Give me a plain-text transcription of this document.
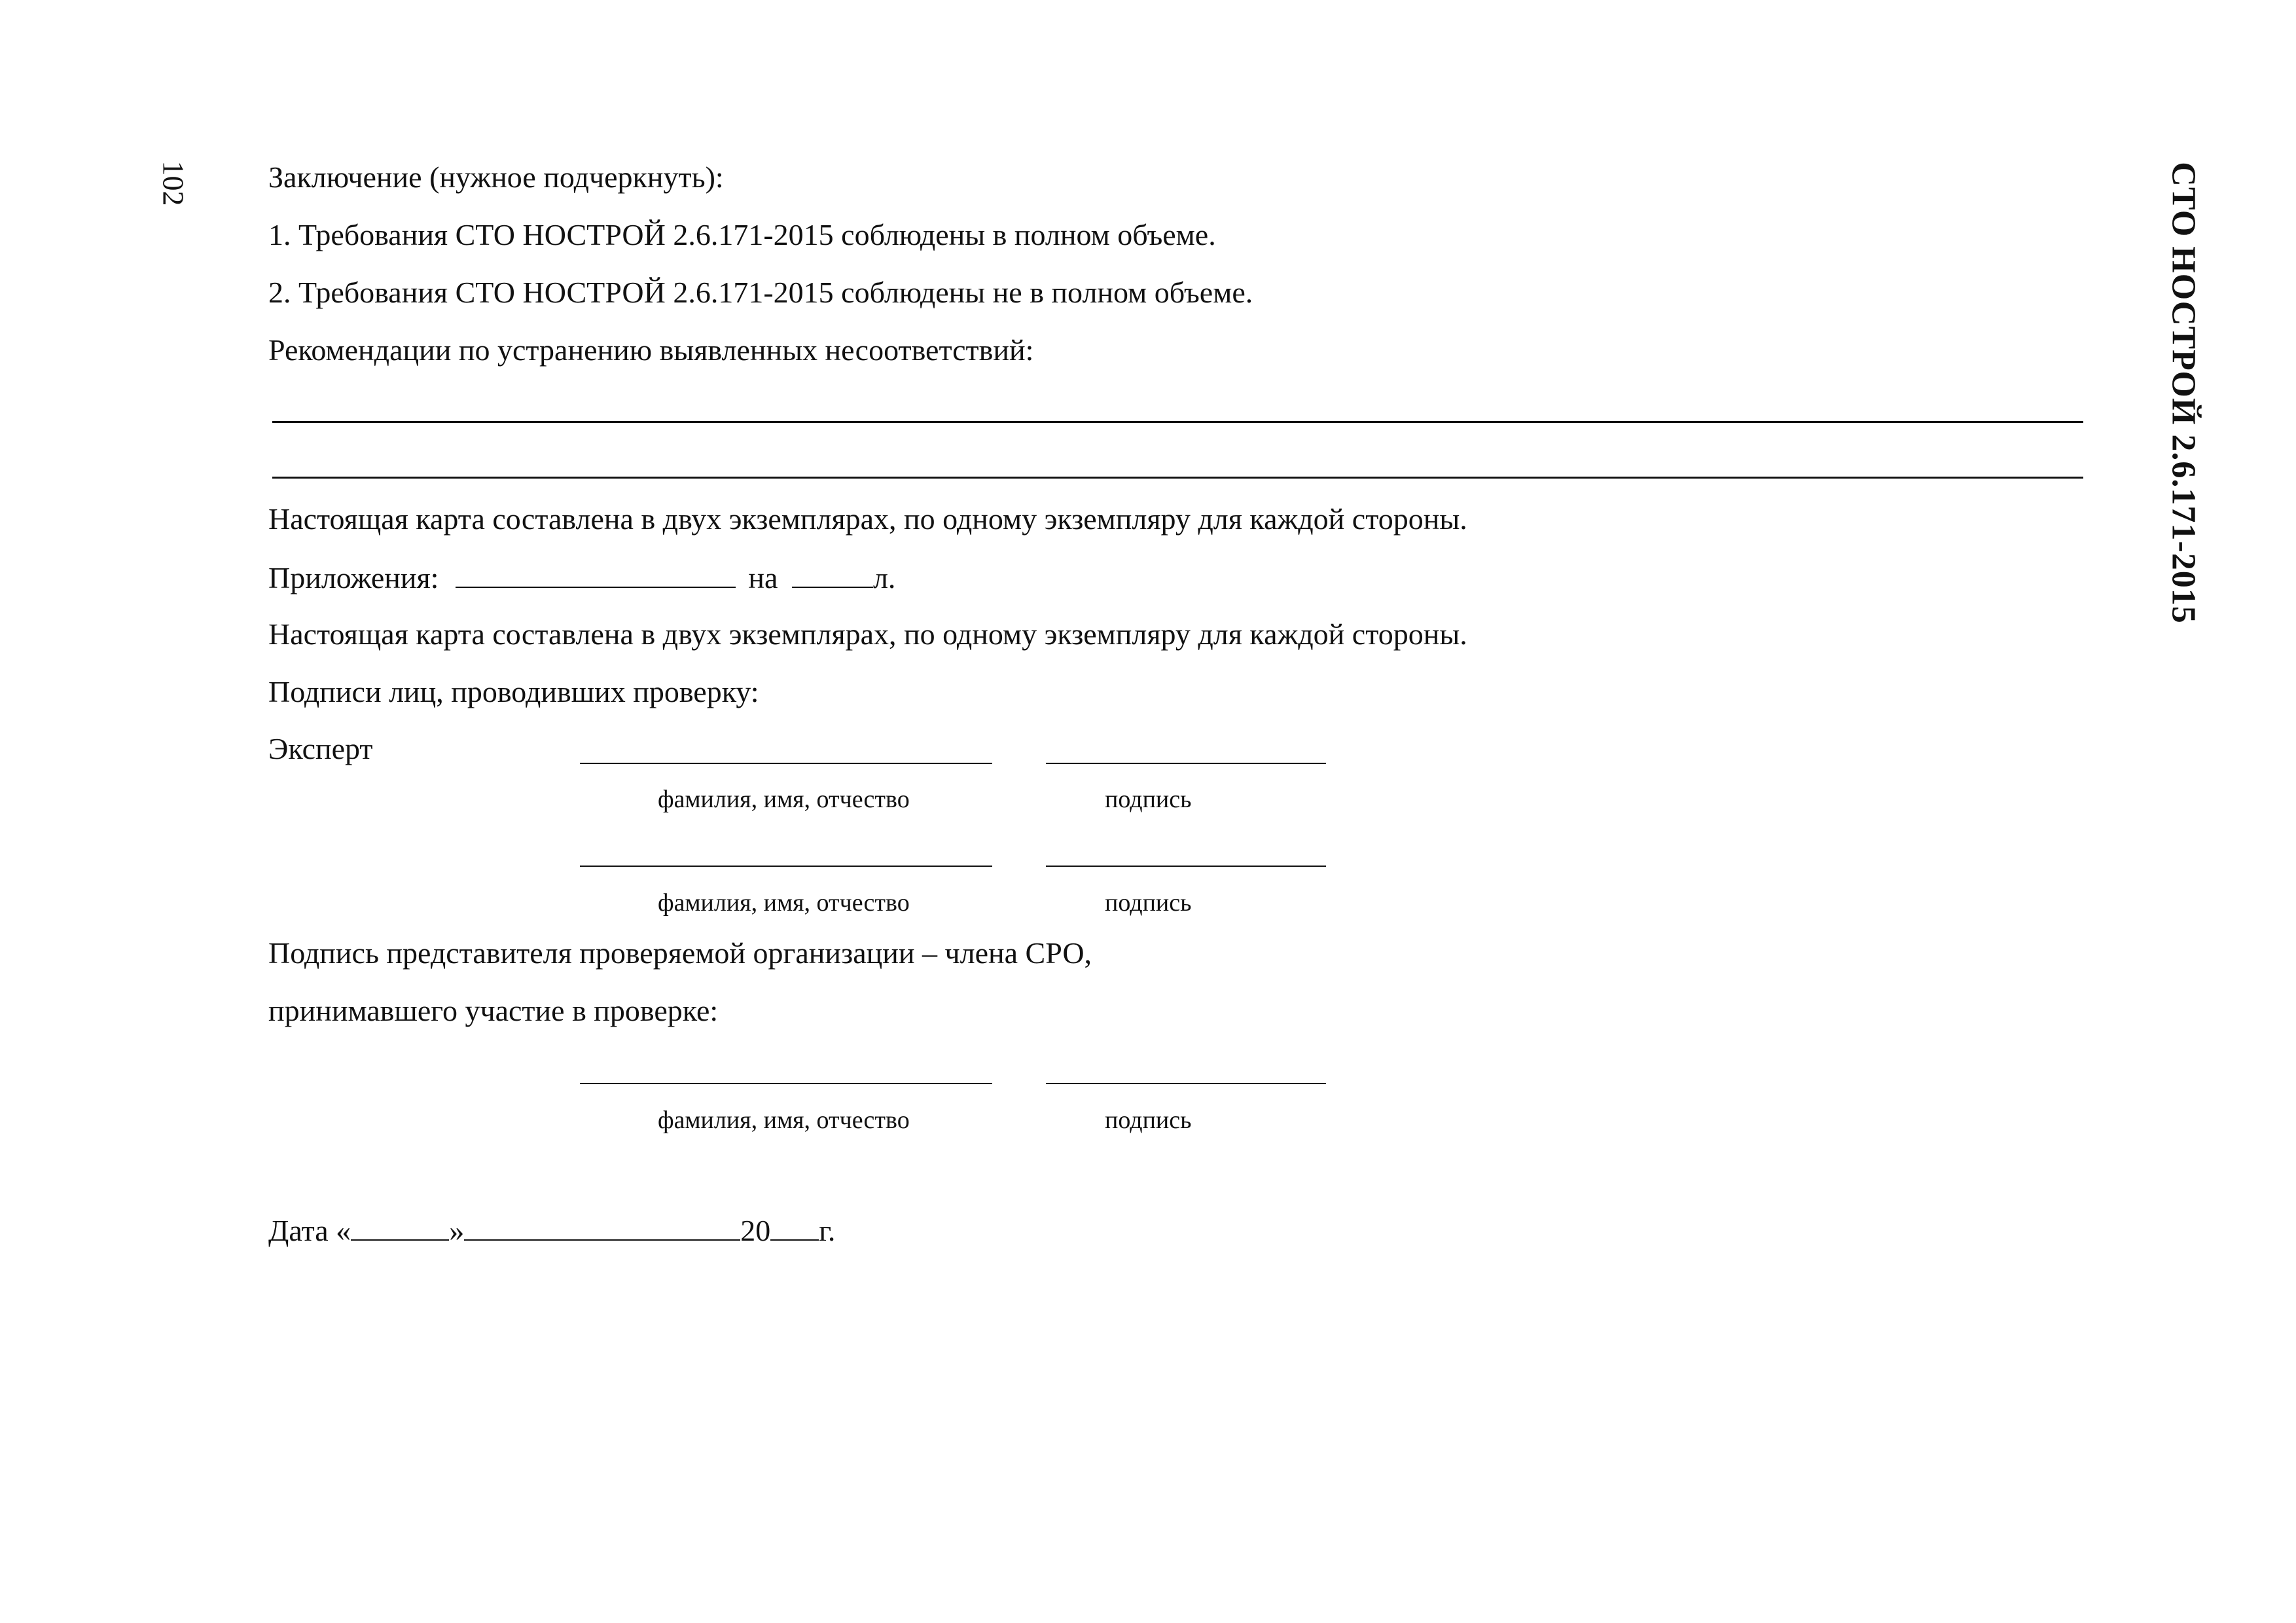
102	СТО НОСТРОЙ 2.6.171-2015
Заключение (нужное подчеркнуть):
1. Требования СТО НОСТРОЙ 2.6.171-2015 соблюдены в полном объеме.
2. Требования СТО НОСТРОЙ 2.6.171-2015 соблюдены не в полном объеме.
Рекомендации по устранению выявленных несоответствий:
Настоящая карта составлена в двух экземплярах, по одному экземпляру для каждой стороны.
Приложения:	на	л.
Настоящая карта составлена в двух экземплярах, по одному экземпляру для каждой стороны.
Подписи лиц, проводивших проверку:
Эксперт
фамилия, имя, отчество	подпись
фамилия, имя, отчество	подпись
Подпись представителя проверяемой организации – члена СРО,
принимавшего участие в проверке:
фамилия, имя, отчество	подпись
Дата «	»	20 г.
